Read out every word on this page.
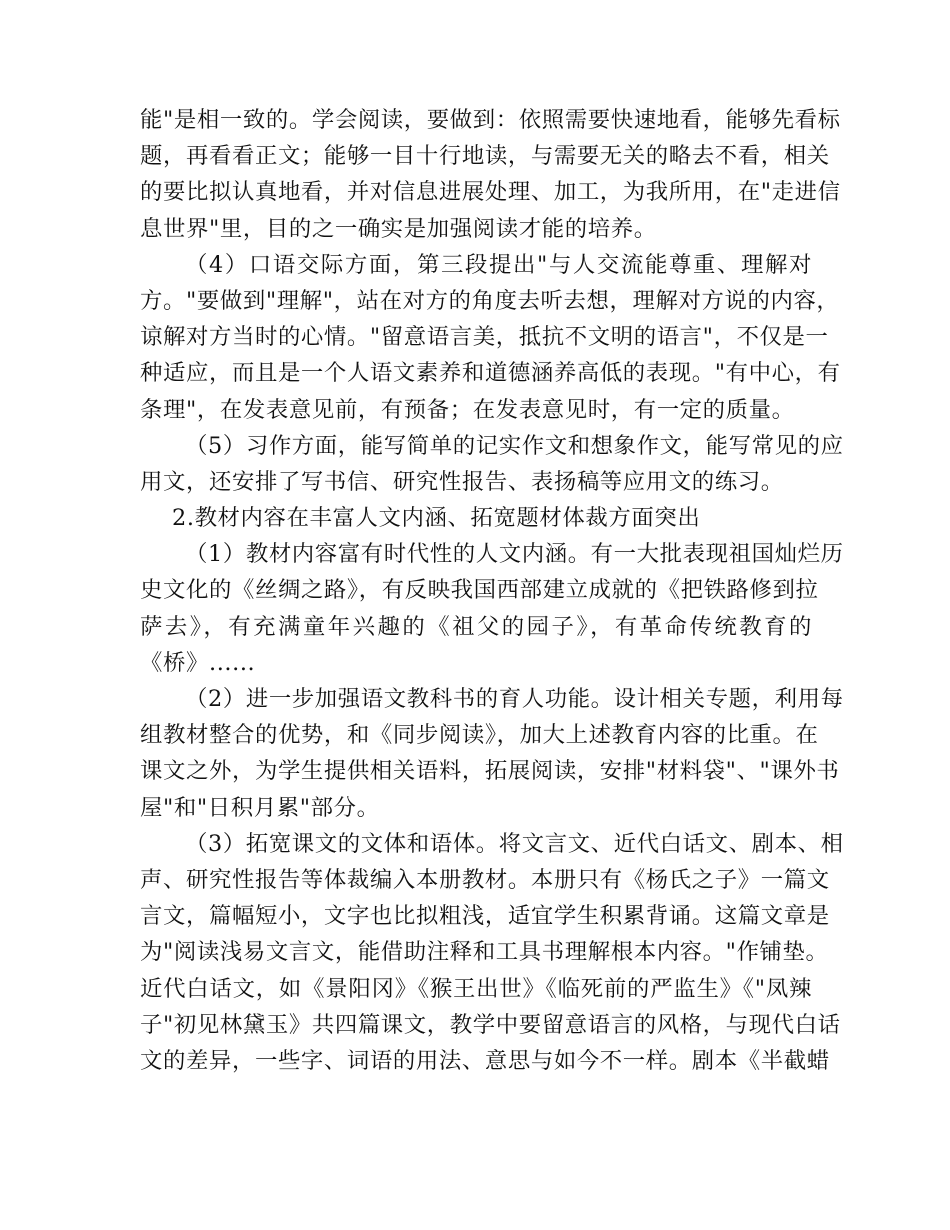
能"是相一致的。学会阅读，要做到：依照需要快速地看，能够先看标
题，再看看正文；能够一目十行地读，与需要无关的略去不看，相关
的要比拟认真地看，并对信息进展处理、加工，为我所用，在"走进信
息世界"里，目的之一确实是加强阅读才能的培养。
（4）口语交际方面，第三段提出"与人交流能尊重、理解对
方。"要做到"理解"，站在对方的角度去听去想，理解对方说的内容，
谅解对方当时的心情。"留意语言美，抵抗不文明的语言"，不仅是一
种适应，而且是一个人语文素养和道德涵养高低的表现。"有中心，有
条理"，在发表意见前，有预备；在发表意见时，有一定的质量。
（5）习作方面，能写简单的记实作文和想象作文，能写常见的应
用文，还安排了写书信、研究性报告、表扬稿等应用文的练习。
2.教材内容在丰富人文内涵、拓宽题材体裁方面突出
（1）教材内容富有时代性的人文内涵。有一大批表现祖国灿烂历
史文化的《丝绸之路》，有反映我国西部建立成就的《把铁路修到拉
萨去》，有充满童年兴趣的《祖父的园子》，有革命传统教育的
《桥》......
（2）进一步加强语文教科书的育人功能。设计相关专题，利用每
组教材整合的优势，和《同步阅读》，加大上述教育内容的比重。在
课文之外，为学生提供相关语料，拓展阅读，安排"材料袋"、"课外书
屋"和"日积月累"部分。
（3）拓宽课文的文体和语体。将文言文、近代白话文、剧本、相
声、研究性报告等体裁编入本册教材。本册只有《杨氏之子》一篇文
言文，篇幅短小，文字也比拟粗浅，适宜学生积累背诵。这篇文章是
为"阅读浅易文言文，能借助注释和工具书理解根本内容。"作铺垫。
近代白话文，如《景阳冈》《猴王出世》《临死前的严监生》《"凤辣
子"初见林黛玉》共四篇课文，教学中要留意语言的风格，与现代白话
文的差异，一些字、词语的用法、意思与如今不一样。剧本《半截蜡
